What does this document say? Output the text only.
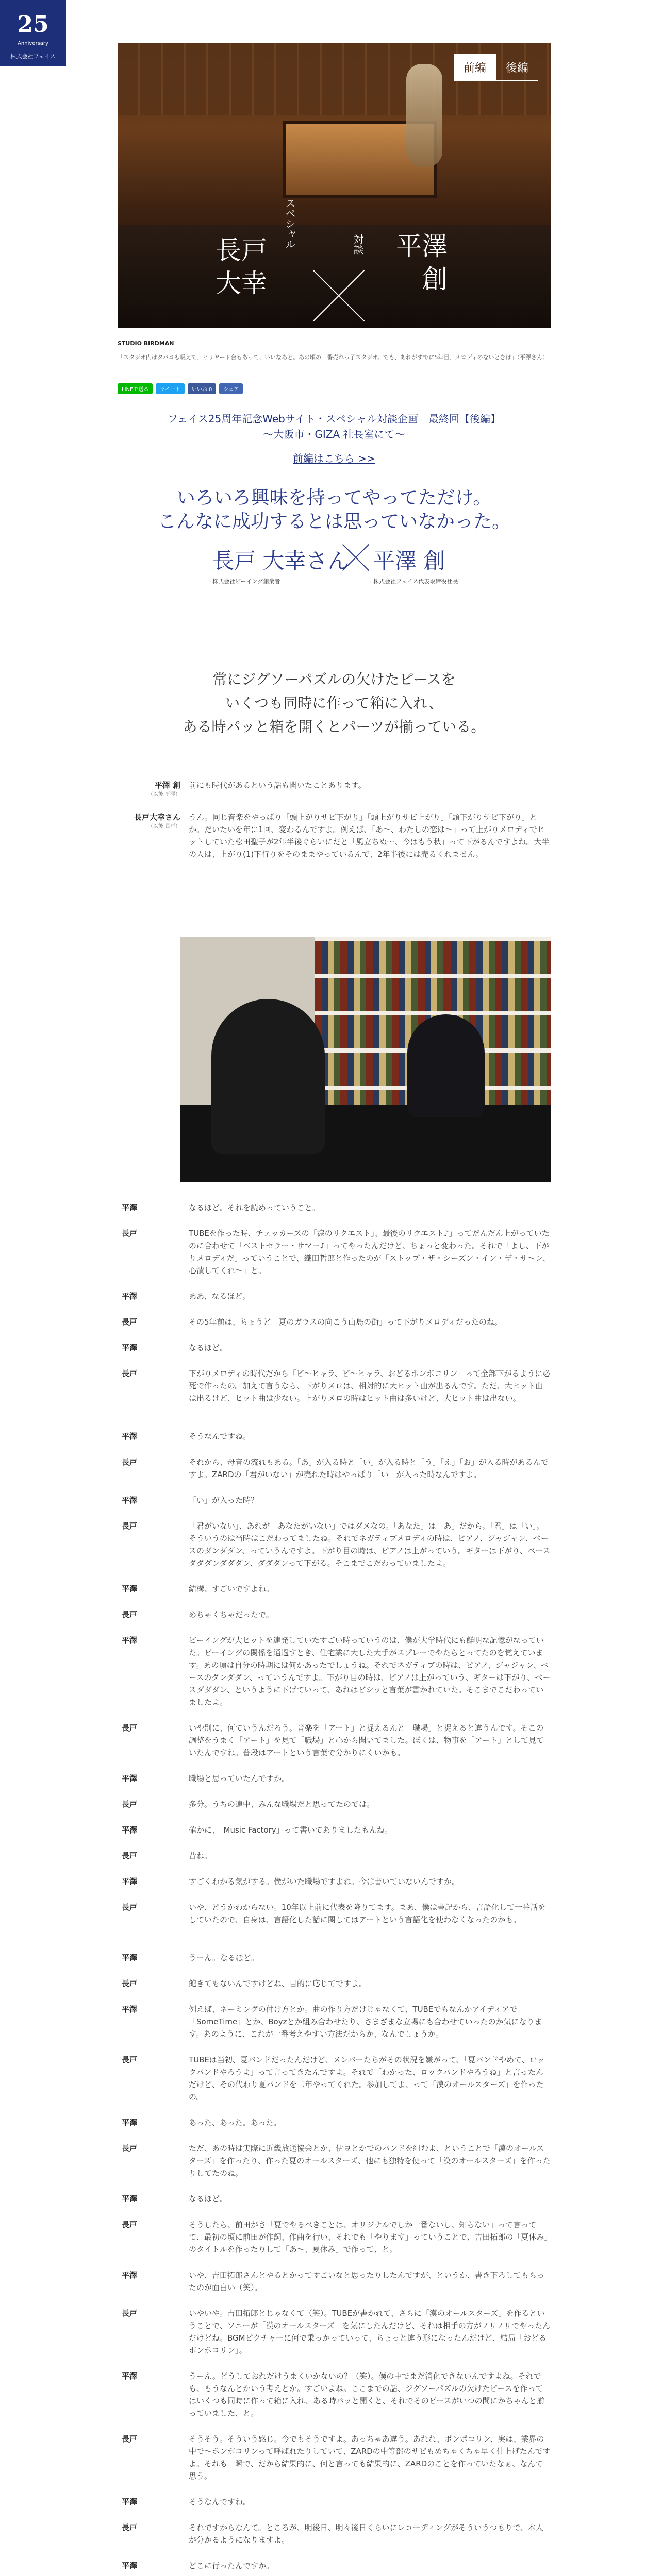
25
Anniversary
株式会社フェイス
スペシャル	対談
長戸
大幸
平澤
創
前編	後編
STUDIO BIRDMAN
「スタジオ内はタバコも吸えて、ビリヤード台もあって、いいなあと。あの頃の一番売れっ子スタジオ。でも、あれがすでに5年目、メロディのないときは」（平澤さん）
LINEで送る	ツイート	いいね 0	シェア
フェイス25周年記念Webサイト・スペシャル対談企画　最終回【後編】
〜大阪市・GIZA 社長室にて〜
前編はこちら >>
いろいろ興味を持ってやってただけ。
こんなに成功するとは思っていなかった。
長戸 大幸さん
株式会社ビーイング創業者
平澤 創
株式会社フェイス代表取締役社長
常にジグソーパズルの欠けたピースを
いくつも同時に作って箱に入れ、
ある時パッと箱を開くとパーツが揃っている。
平澤 創
（以後 平澤）
前にも時代があるという話も聞いたことあります。
長戸大幸さん
（以後 長戸）
うん。同じ音楽をやっぱり「頭上がりサビ下がり」「頭上がりサビ上がり」「頭下がりサビ下がり」とか。だいたいを年に1回、変わるんですよ。例えば、「あ〜、わたしの恋は〜」って上がりメロディでヒットしていた松田聖子が2年半後ぐらいにだと「風立ちぬ〜、今はもう秋」って下がるんですよね。大半の人は、上がり(1)下行りをそのままやっているんで、2年半後には売るくれません。
平澤	なるほど。それを読めっていうこと。
長戸	TUBEを作った時、チェッカーズの「涙のリクエスト」、最後のリクエスト♪」ってだんだん上がっていたのに合わせて「ベストセラー・サマー♪」ってやったんだけど、ちょっと変わった。それで「よし、下がりメロディだ」っていうことで、織田哲郎と作ったのが「ストップ・ザ・シーズン・イン・ザ・サ〜ン、心潰してくれ〜」と。
平澤	ああ、なるほど。
長戸	その5年前は、ちょうど「夏のガラスの向こう山島の街」って下がりメロディだったのね。
平澤	なるほど。
長戸	下がりメロディの時代だから「ピ〜ヒャラ、ピ〜ヒャラ、おどるポンポコリン」って全部下がるように必死で作ったの。加えて言うなら、下がりメロは、相対的に大ヒット曲が出るんです。ただ、大ヒット曲は出るけど、ヒット曲は少ない。上がりメロの時はヒット曲は多いけど、大ヒット曲は出ない。
平澤	そうなんですね。
長戸	それから、母音の流れもある。「あ」が入る時と「い」が入る時と「う」「え」「お」が入る時があるんですよ。ZARDの「君がいない」が売れた時はやっぱり「い」が入った時なんですよ。
平澤	「い」が入った時？
長戸	「君がいない」、あれが「あなたがいない」ではダメなの。「あなた」は「あ」だから。「君」は「い」。そういうのは当時はこだわってましたね。それでネガティブメロディの時は、ピアノ、ジャジャン、ベースのダンダダン、っていうんですよ。下がり目の時は、ピアノは上がっていう。ギターは下がり、ベースダダダンダダダン、ダダダンって下がる。そこまでこだわっていましたよ。
平澤	結構、すごいですよね。
長戸	めちゃくちゃだったで。
平澤	ビーイングが大ヒットを連発していたすごい時っていうのは、僕が大学時代にも鮮明な記憶がなっていた。ビーイングの関係を通過すとき、住宅業に大した大手がスプレーでやたらとってたのを覚えています。あの頃は自分の時期には何かあったでしょうね。それでネガティブの時は、ピアノ、ジャジャン、ベースのダンダダン、っていうんですよ。下がり目の時は、ピアノは上がっていう、ギターは下がり、ベースダダダン、というように下げていって、あれはビシッと言葉が書かれていた。そこまでこだわっていましたよ。
長戸	いや別に、何ていうんだろう。音楽を「アート」と捉えるんと「職場」と捉えると違うんです。そこの調整をうまく「アート」を見て「職場」と心から聞いてました。ぼくは、物事を「アート」として見ていたんですね。普段はアートという言葉で分かりにくいかも。
平澤	職場と思っていたんですか。
長戸	多分。うちの連中、みんな職場だと思ってたのでは。
平澤	確かに、「Music Factory」って書いてありましたもんね。
長戸	昔ね。
平澤	すごくわかる気がする。僕がいた職場ですよね。今は書いていないんですか。
長戸	いや、どうかわからない。10年以上前に代表を降りてます。まあ、僕は書記から、言語化して一番話をしていたので、自身は、言語化した話に関してはアートという言語化を使わなくなったのかも。
平澤	うーん。なるほど。
長戸	飽きてもないんですけどね、目的に応じてですよ。
平澤	例えば、ネーミングの付け方とか。曲の作り方だけじゃなくて、TUBEでもなんかアイディアで「SomeTime」とか、Boyzとか組み合わせたり、さまざまな立場にも合わせていったのか気になります。あのように、これが一番考えやすい方法だからか、なんでしょうか。
長戸	TUBEは当初、夏バンドだったんだけど、メンバーたちがその状況を嫌がって、「夏バンドやめて、ロックバンドやろうよ」って言ってきたんですよ。それで「わかった、ロックバンドやろうね」と言ったんだけど、その代わり夏バンドを二年やってくれた。参加してよ、って「漠のオールスターズ」を作ったの。
平澤	あった、あった。あった。
長戸	ただ、あの時は実際に近畿放送協会とか、伊豆とかでのバンドを組むよ、ということで「漠のオールスターズ」を作ったり、作った夏のオールスターズ、他にも独特を使って「漠のオールスターズ」を作ったりしてたのね。
平澤	なるほど。
長戸	そうしたら、前田がさ「夏でやるべきことは、オリジナルでしか一番ないし、知らない」って言ってて、最初の頃に前田が作詞、作曲を行い、それでも「やります」っていうことで、吉田拓郎の「夏休み」のタイトルを作ったりして「あ〜、夏休み」で作って、と。
平澤	いや、吉田拓郎さんとやるとかってすごいなと思ったりしたんですが、というか、書き下ろしてもらったのが面白い（笑）。
長戸	いやいや。吉田拓郎とじゃなくて（笑）。TUBEが書かれて、さらに「漠のオールスターズ」を作るということで、ソニーが「漠のオールスターズ」を気にしたんだけど、それは相手の方がノリノリでやったんだけどね。BGMピクチャーに何で乗っかっていって、ちょっと違う形になったんだけど、結局「おどるポンポコリン」。
平澤	うーん。どうしておれだけうまくいかないの？（笑）。僕の中でまだ消化できないんですよね。それでも、もうなんとかいう考えとか。すごいよね。ここまでの話、ジグソーパズルの欠けたピースを作ってはいくつも同時に作って箱に入れ、ある時パッと開くと、それでそのピースがいつの間にかちゃんと揃っていました、と。
長戸	そうそう。そういう感じ。今でもそうですよ。あっちゃあ違う。あれれ、ポンポコリン、実は、業界の中で〜ポンポコリンって呼ばれたりしていて、ZARDの中等部のサビもめちゃくちゃ早く仕上げたんですよ。それも一瞬で、だから結果的に、何と言っても結果的に、ZARDのことを作っていたなぁ、なんて思う。
平澤	そうなんですね。
長戸	それですからなんて。ところが、明後日、明々後日くらいにレコーディングがそういうつもりで、本人が分かるようになりますよ。
平澤	どこに行ったんですか。
